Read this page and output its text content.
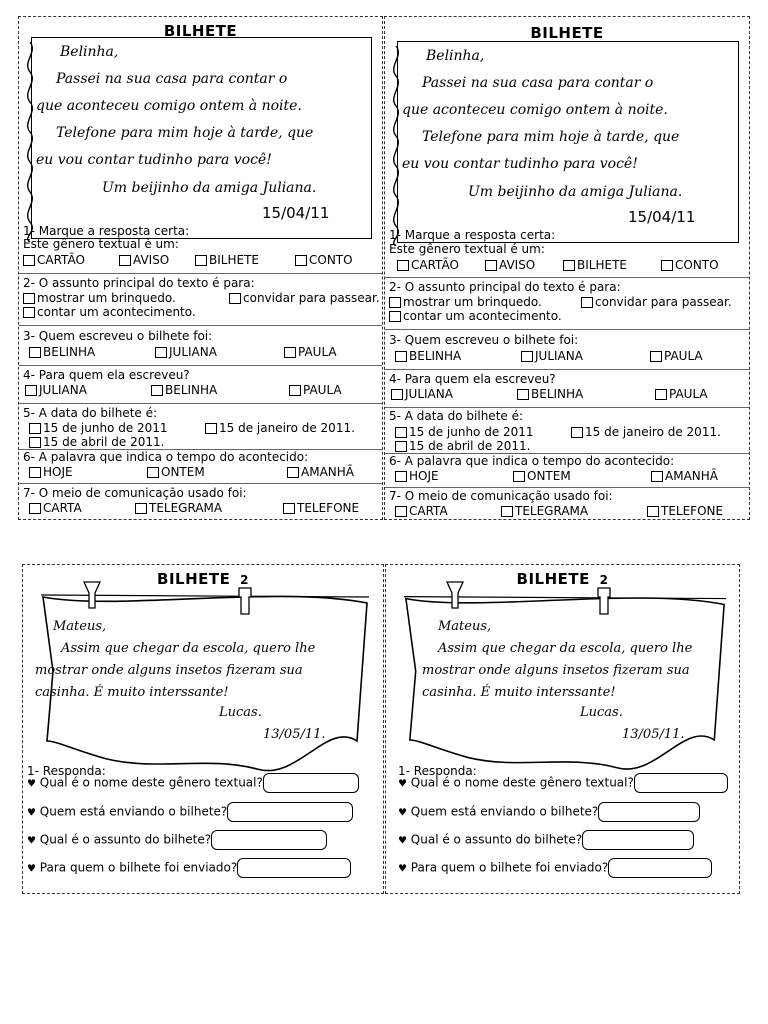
BILHETE
Belinha,
Passei na sua casa para contar o
que aconteceu comigo ontem à noite.
Telefone para mim hoje à tarde, que
eu vou contar tudinho para você!
Um beijinho da amiga Juliana.
15/04/11
1- Marque a resposta certa:
Este gênero textual é um:
CARTÃO	AVISO	BILHETE	CONTO
2- O assunto principal do texto é para:
mostrar um brinquedo.	convidar para passear.
contar um acontecimento.
3- Quem escreveu o bilhete foi:
BELINHA	JULIANA	PAULA
4- Para quem ela escreveu?
JULIANA	BELINHA	PAULA
5- A data do bilhete é:
15 de junho de 2011	15 de janeiro de 2011.
15 de abril de 2011.
6- A palavra que indica o tempo do acontecido:
HOJE	ONTEM	AMANHÃ
7- O meio de comunicação usado foi:
CARTA	TELEGRAMA	TELEFONE
BILHETE
Belinha,
Passei na sua casa para contar o
que aconteceu comigo ontem à noite.
Telefone para mim hoje à tarde, que
eu vou contar tudinho para você!
Um beijinho da amiga Juliana.
15/04/11
1- Marque a resposta certa:
Este gênero textual é um:
CARTÃO	AVISO	BILHETE	CONTO
2- O assunto principal do texto é para:
mostrar um brinquedo.	convidar para passear.
contar um acontecimento.
3- Quem escreveu o bilhete foi:
BELINHA	JULIANA	PAULA
4- Para quem ela escreveu?
JULIANA	BELINHA	PAULA
5- A data do bilhete é:
15 de junho de 2011	15 de janeiro de 2011.
15 de abril de 2011.
6- A palavra que indica o tempo do acontecido:
HOJE	ONTEM	AMANHÃ
7- O meio de comunicação usado foi:
CARTA	TELEGRAMA	TELEFONE
BILHETE 2
Mateus,
Assim que chegar da escola, quero lhe
mostrar onde alguns insetos fizeram sua
casinha. É muito interssante!
Lucas.
13/05/11.
1- Responda:
♥ Qual é o nome deste gênero textual?
♥ Quem está enviando o bilhete?
♥ Qual é o assunto do bilhete?
♥ Para quem o bilhete foi enviado?
BILHETE 2
Mateus,
Assim que chegar da escola, quero lhe
mostrar onde alguns insetos fizeram sua
casinha. É muito interssante!
Lucas.
13/05/11.
1- Responda:
♥ Qual é o nome deste gênero textual?
♥ Quem está enviando o bilhete?
♥ Qual é o assunto do bilhete?
♥ Para quem o bilhete foi enviado?
